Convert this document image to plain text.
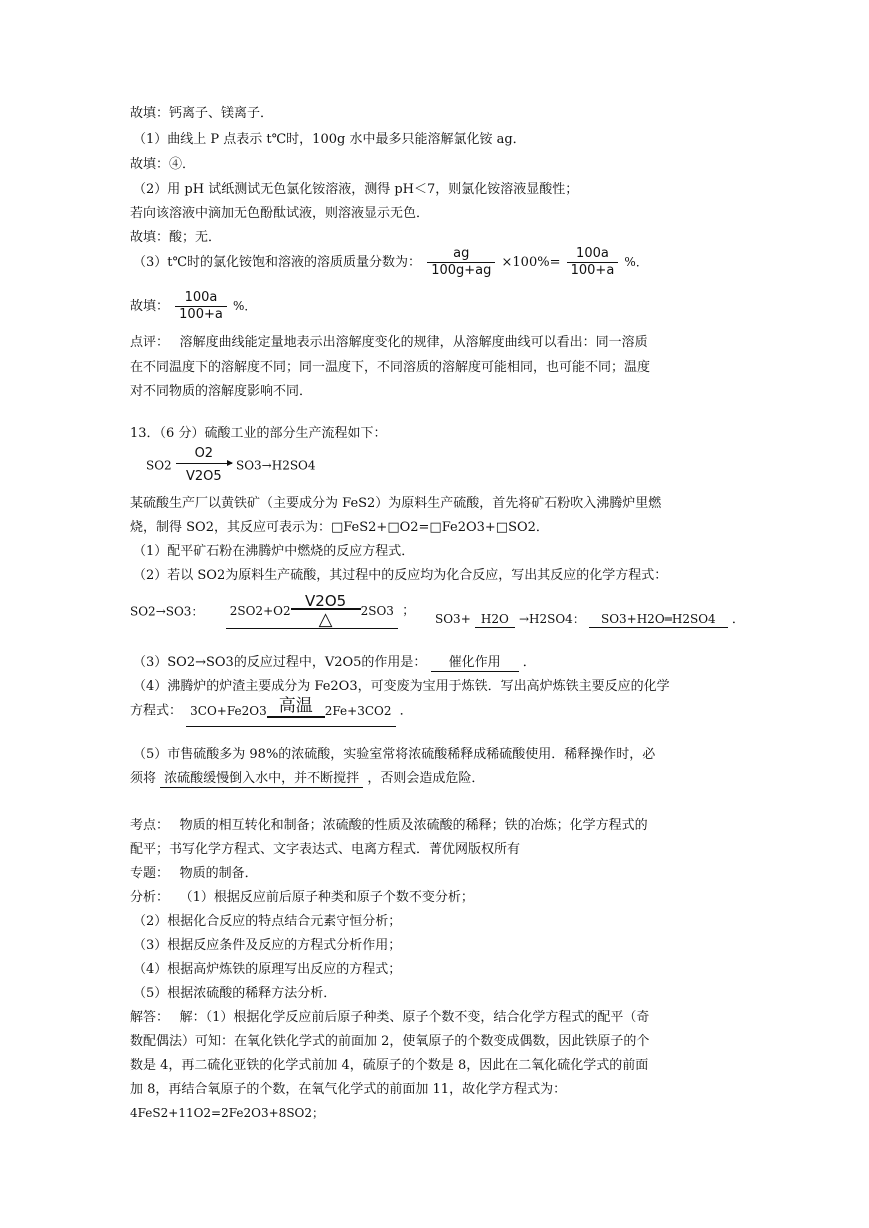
故填：钙离子、镁离子．
（1）曲线上 P 点表示 t℃时，100g 水中最多只能溶解氯化铵 ag．
故填：④．
（2）用 pH 试纸测试无色氯化铵溶液，测得 pH＜7，则氯化铵溶液显酸性；
若向该溶液中滴加无色酚酞试液，则溶液显示无色．
故填：酸；无．
（3）t℃时的氯化铵饱和溶液的溶质质量分数为： $\frac{ag}{100g+ag} \times 100\%= \frac{100a}{100+a}$ %．
故填： $\frac{100a}{100+a}$ %．
点评：　 溶解度曲线能定量地表示出溶解度变化的规律，从溶解度曲线可以看出：同一溶质
在不同温度下的溶解度不同；同一温度下，不同溶质的溶解度可能相同，也可能不同；温度
对不同物质的溶解度影响不同．
13．（6 分）硫酸工业的部分生产流程如下：
SO2
O2
V2O5
SO3→H2SO4
某硫酸生产厂以黄铁矿（主要成分为 FeS2）为原料生产硫酸，首先将矿石粉吹入沸腾炉里燃
烧，制得 SO2，其反应可表示为：□FeS2+□O2=□Fe2O3+□SO2．
（1）配平矿石粉在沸腾炉中燃烧的反应方程式．
（2）若以 SO2为原料生产硫酸，其过程中的反应均为化合反应，写出其反应的化学方程式：
SO2→SO3： 2SO2+O2
V2O5
△	2SO3 ；
SO3+ H2O →H2SO4： SO3+H2O═H2SO4 ．
（3）SO2→SO3的反应过程中，V2O5的作用是： 催化作用 ．
（4）沸腾炉的炉渣主要成分为 Fe2O3，可变废为宝用于炼铁．写出高炉炼铁主要反应的化学
方程式： 3CO+Fe2O3 高温	2Fe+3CO2 ．
（5）市售硫酸多为 98%的浓硫酸，实验室常将浓硫酸稀释成稀硫酸使用．稀释操作时，必
须将 浓硫酸缓慢倒入水中，并不断搅拌 ，否则会造成危险．
考点：　 物质的相互转化和制备；浓硫酸的性质及浓硫酸的稀释；铁的冶炼；化学方程式的
配平；书写化学方程式、文字表达式、电离方程式．菁优网版权所有
专题：　 物质的制备．
分析：　 （1）根据反应前后原子种类和原子个数不变分析；
（2）根据化合反应的特点结合元素守恒分析；
（3）根据反应条件及反应的方程式分析作用；
（4）根据高炉炼铁的原理写出反应的方程式；
（5）根据浓硫酸的稀释方法分析．
解答：　 解：（1）根据化学反应前后原子种类、原子个数不变，结合化学方程式的配平（奇
数配偶法）可知：在氧化铁化学式的前面加 2，使氧原子的个数变成偶数，因此铁原子的个
数是 4，再二硫化亚铁的化学式前加 4，硫原子的个数是 8，因此在二氧化硫化学式的前面
加 8，再结合氧原子的个数，在氧气化学式的前面加 11，故化学方程式为：
4FeS2+11O2=2Fe2O3+8SO2；
